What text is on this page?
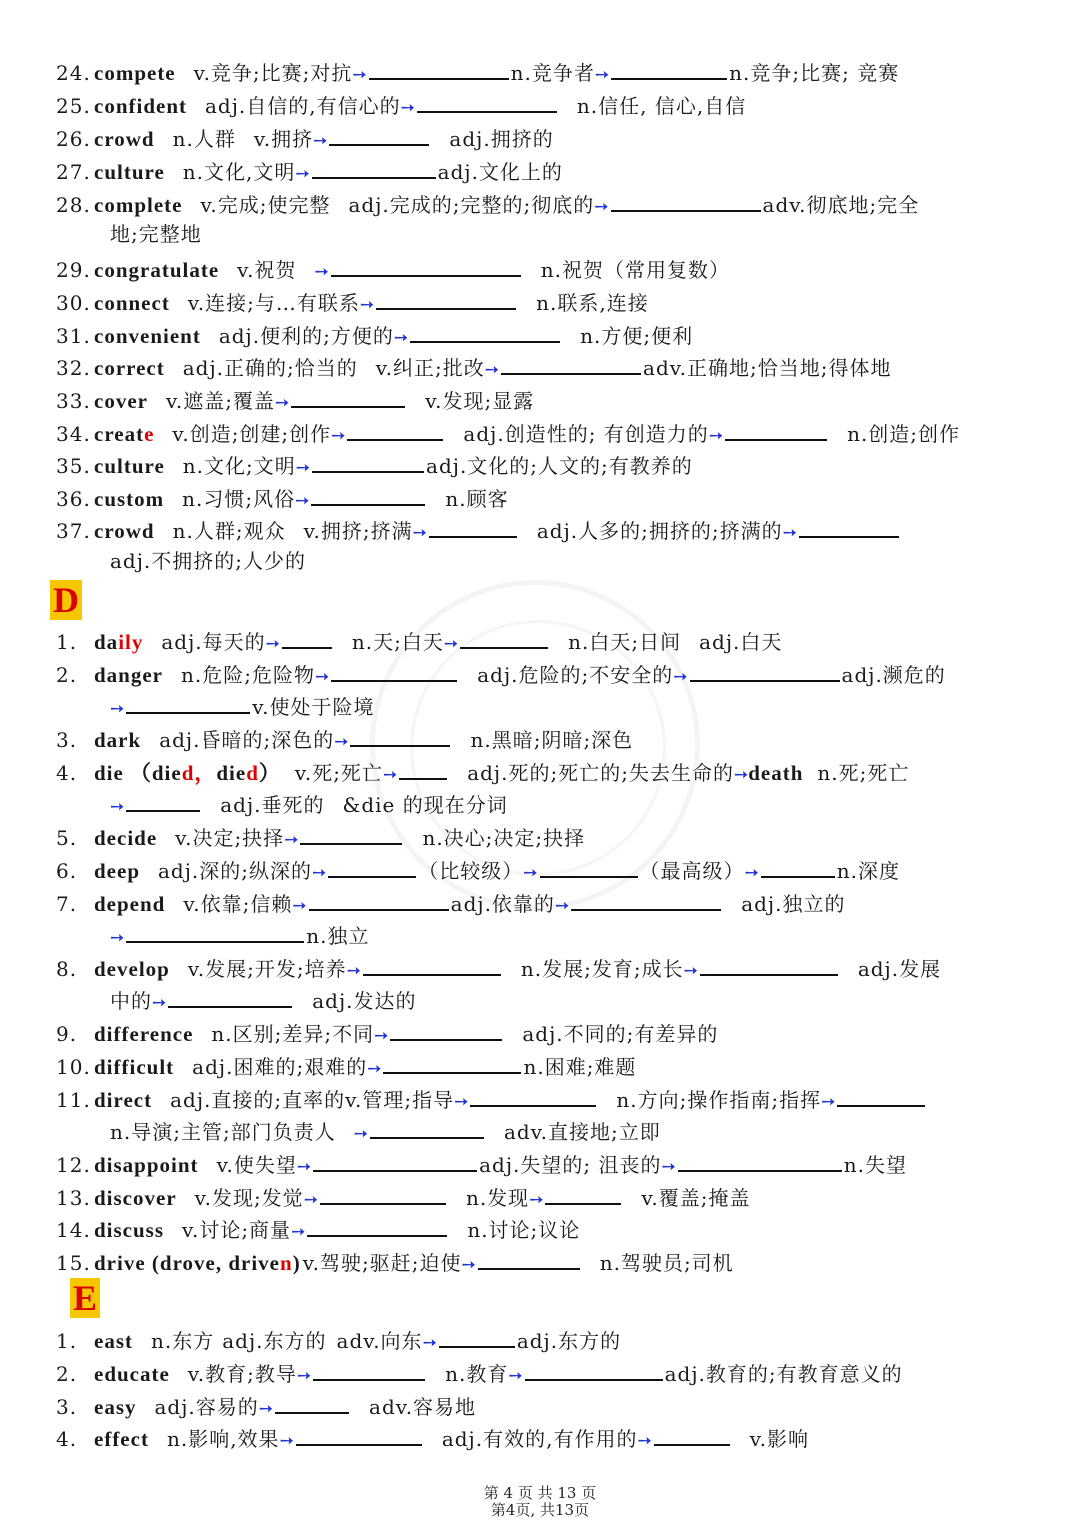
24. compete v.竞争;比赛;对抗➙	n.竞争者➙	n.竞争;比赛; 竞赛
25. confident adj.自信的,有信心的➙	n.信任, 信心,自信
26. crowd n.人群 v.拥挤➙	adj.拥挤的
27. culture n.文化,文明➙	adj.文化上的
28. complete v.完成;使完整 adj.完成的;完整的;彻底的➙	adv.彻底地;完全
地;完整地
29. congratulate v.祝贺 ➙	n.祝贺（常用复数）
30. connect v.连接;与…有联系➙	n.联系,连接
31. convenient adj.便利的;方便的➙	n.方便;便利
32. correct adj.正确的;恰当的 v.纠正;批改➙	adv.正确地;恰当地;得体地
33. cover v.遮盖;覆盖➙	v.发现;显露
34. create v.创造;创建;创作➙	adj.创造性的; 有创造力的➙	n.创造;创作
35. culture n.文化;文明➙	adj.文化的;人文的;有教养的
36. custom n.习惯;风俗➙	n.顾客
37. crowd n.人群;观众 v.拥挤;挤满➙	adj.人多的;拥挤的;挤满的➙
adj.不拥挤的;人少的
D
1. daily adj.每天的➙	n.天;白天➙	n.白天;日间 adj.白天
2. danger n.危险;危险物➙	adj.危险的;不安全的➙	adj.濒危的
➙	v.使处于险境
3. dark adj.昏暗的;深色的➙	n.黑暗;阴暗;深色
4. die （died，died） v.死;死亡➙	adj.死的;死亡的;失去生命的➙death n.死;死亡
➙	adj.垂死的 &die 的现在分词
5. decide v.决定;抉择➙	n.决心;决定;抉择
6. deep adj.深的;纵深的➙	（比较级）➙	（最高级）➙	n.深度
7. depend v.依靠;信赖➙	adj.依靠的➙	adj.独立的
➙	n.独立
8. develop v.发展;开发;培养➙	n.发展;发育;成长➙	adj.发展
中的➙	adj.发达的
9. difference n.区别;差异;不同➙	adj.不同的;有差异的
10. difficult adj.困难的;艰难的➙	n.困难;难题
11. direct adj.直接的;直率的v.管理;指导➙	n.方向;操作指南;指挥➙
n.导演;主管;部门负责人 ➙	adv.直接地;立即
12. disappoint v.使失望➙	adj.失望的; 沮丧的➙	n.失望
13. discover v.发现;发觉➙	n.发现➙	v.覆盖;掩盖
14. discuss v.讨论;商量➙	n.讨论;议论
15. drive (drove, driven) v.驾驶;驱赶;迫使➙	n.驾驶员;司机
E
1. east n.东方 adj.东方的 adv.向东➙	adj.东方的
2. educate v.教育;教导➙	n.教育➙	adj.教育的;有教育意义的
3. easy adj.容易的➙	adv.容易地
4. effect n.影响,效果➙	adj.有效的,有作用的➙	v.影响
第 4 页 共 13 页
第4页, 共13页
